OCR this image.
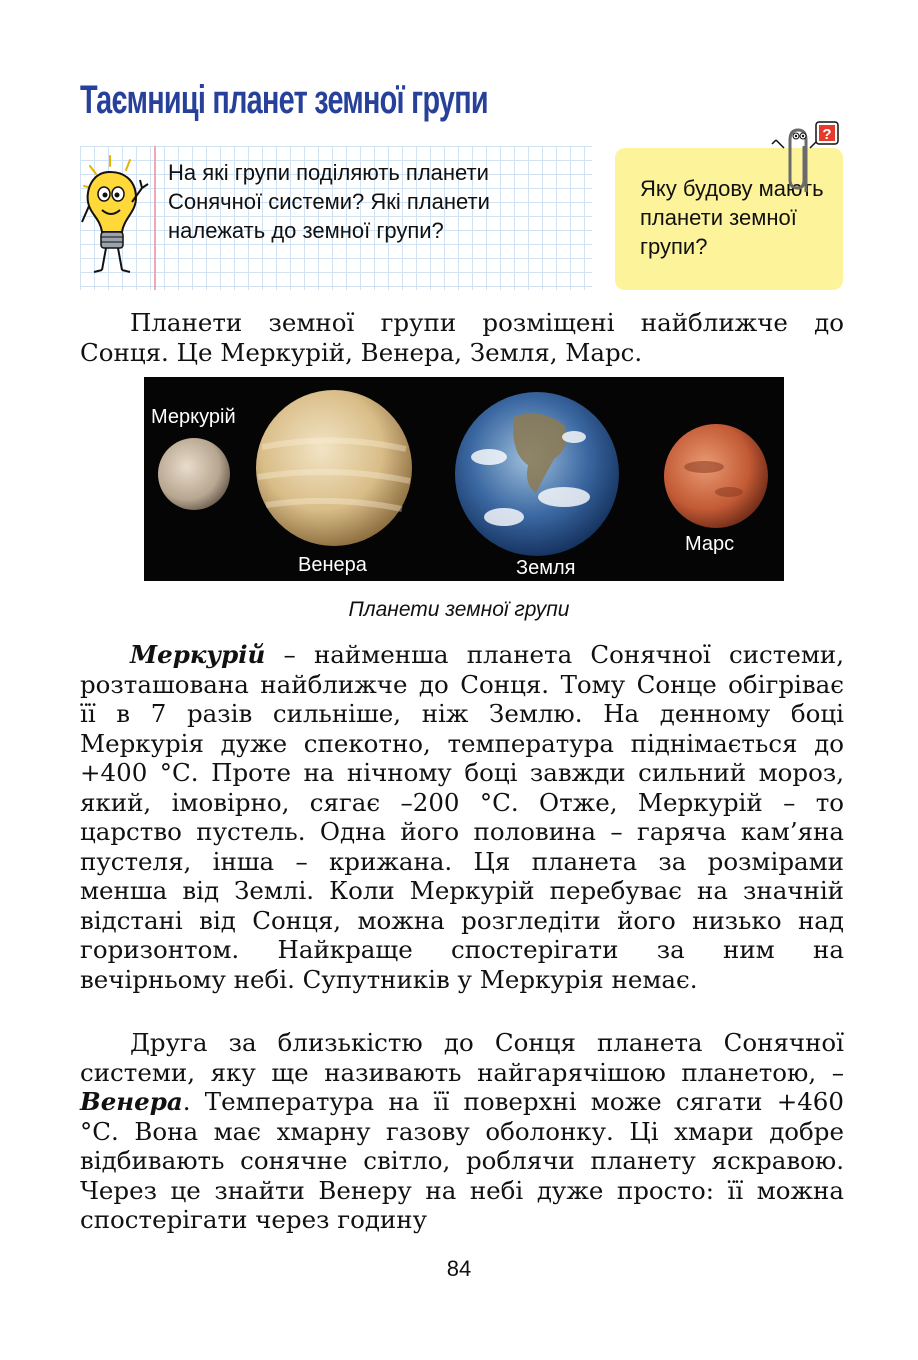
Таємниці планет земної групи
На які групи поділяють планети Сонячної системи? Які планети належать до земної групи?
Яку будову мають планети земної групи?
?
Планети земної групи розміщені найближче до Сонця. Це Меркурій, Венера, Земля, Марс.
Меркурій
Венера	Земля
Марс
Планети земної групи
Меркурій – найменша планета Сонячної системи, розташована найближче до Сонця. Тому Сонце обігріває її в 7 разів сильніше, ніж Землю. На денному боці Меркурія дуже спекотно, температура піднімається до +400 °С. Проте на нічному боці завжди сильний мороз, який, імовірно, сягає –200 °С. Отже, Меркурій – то царство пустель. Одна його половина – гаряча кам’яна пустеля, інша – крижана. Ця планета за розмірами менша від Землі. Коли Меркурій перебуває на значній відстані від Сонця, можна розгледіти його низько над горизонтом. Найкраще спостерігати за ним на вечірньому небі. Супутників у Меркурія немає.
Друга за близькістю до Сонця планета Сонячної системи, яку ще називають найгарячішою планетою, – Венера. Температура на її поверхні може сягати +460 °С. Вона має хмарну газову оболонку. Ці хмари добре відбивають сонячне світло, роблячи планету яскравою. Через це знайти Венеру на небі дуже просто: її можна спостерігати через годину
84
